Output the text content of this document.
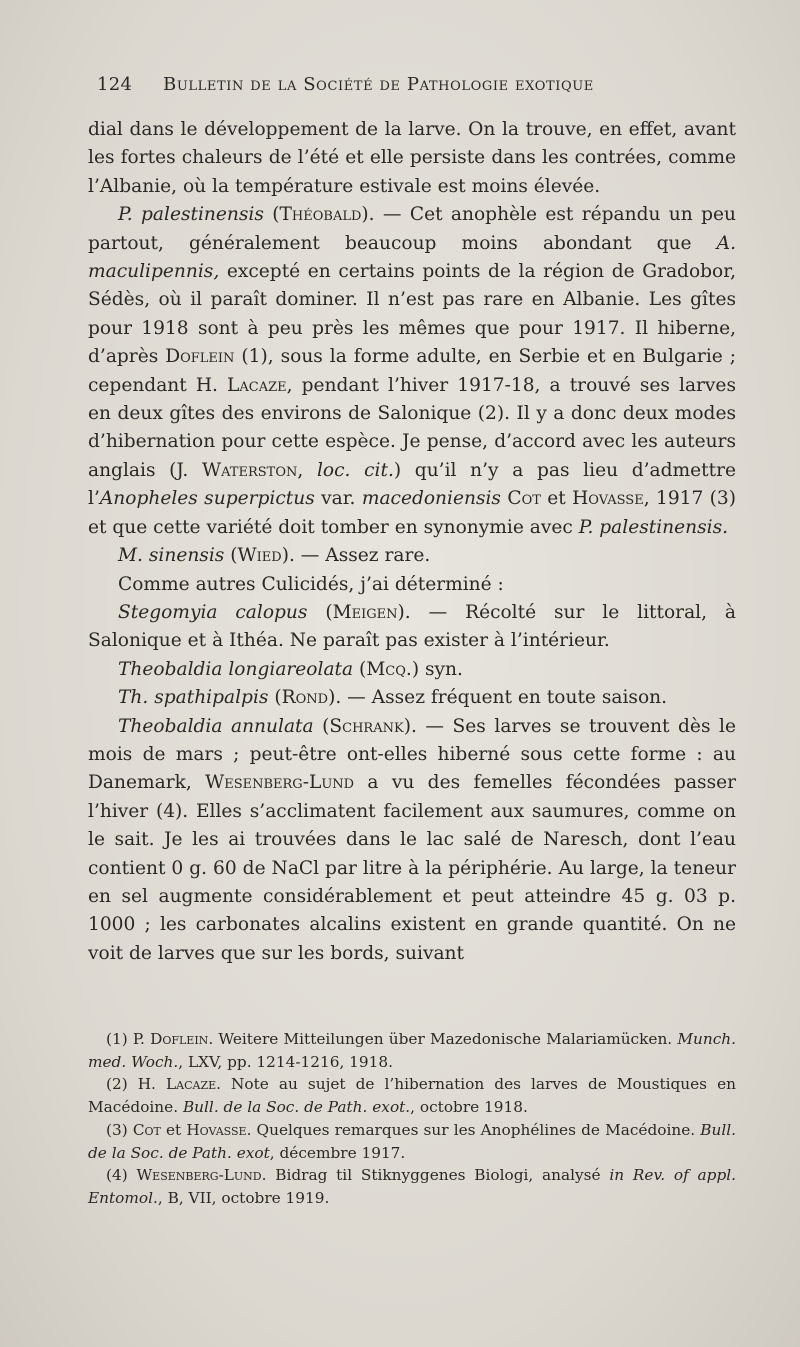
124 Bulletin de la Société de Pathologie exotique

dial dans le développement de la larve. On la trouve, en effet, avant les fortes chaleurs de l’été et elle persiste dans les contrées, comme l’Albanie, où la température estivale est moins élevée.

P. palestinensis (Théobald). — Cet anophèle est répandu un peu partout, généralement beaucoup moins abondant que A. maculipennis, excepté en certains points de la région de Gradobor, Sédès, où il paraît dominer. Il n’est pas rare en Albanie. Les gîtes pour 1918 sont à peu près les mêmes que pour 1917. Il hiberne, d’après Doflein (1), sous la forme adulte, en Serbie et en Bulgarie ; cependant H. Lacaze, pendant l’hiver 1917-18, a trouvé ses larves en deux gîtes des environs de Salonique (2). Il y a donc deux modes d’hibernation pour cette espèce. Je pense, d’accord avec les auteurs anglais (J. Waterston, loc. cit.) qu’il n’y a pas lieu d’admettre l’Anopheles superpictus var. macedoniensis Cot et Hovasse, 1917 (3) et que cette variété doit tomber en synonymie avec P. palestinensis.

M. sinensis (Wied). — Assez rare.

Comme autres Culicidés, j’ai déterminé :

Stegomyia calopus (Meigen). — Récolté sur le littoral, à Salonique et à Ithéa. Ne paraît pas exister à l’intérieur.

Theobaldia longiareolata (Mcq.) syn.

Th. spathipalpis (Rond). — Assez fréquent en toute saison.

Theobaldia annulata (Schrank). — Ses larves se trouvent dès le mois de mars ; peut-être ont-elles hiberné sous cette forme : au Danemark, Wesenberg-Lund a vu des femelles fécondées passer l’hiver (4). Elles s’acclimatent facilement aux saumures, comme on le sait. Je les ai trouvées dans le lac salé de Naresch, dont l’eau contient 0 g. 60 de NaCl par litre à la périphérie. Au large, la teneur en sel augmente considérablement et peut atteindre 45 g. 03 p. 1000 ; les carbonates alcalins existent en grande quantité. On ne voit de larves que sur les bords, suivant

(1) P. Doflein. Weitere Mitteilungen über Mazedonische Malariamücken. Munch. med. Woch., LXV, pp. 1214-1216, 1918.

(2) H. Lacaze. Note au sujet de l’hibernation des larves de Moustiques en Macédoine. Bull. de la Soc. de Path. exot., octobre 1918.

(3) Cot et Hovasse. Quelques remarques sur les Anophélines de Macédoine. Bull. de la Soc. de Path. exot, décembre 1917.

(4) Wesenberg-Lund. Bidrag til Stiknyggenes Biologi, analysé in Rev. of appl. Entomol., B, VII, octobre 1919.
